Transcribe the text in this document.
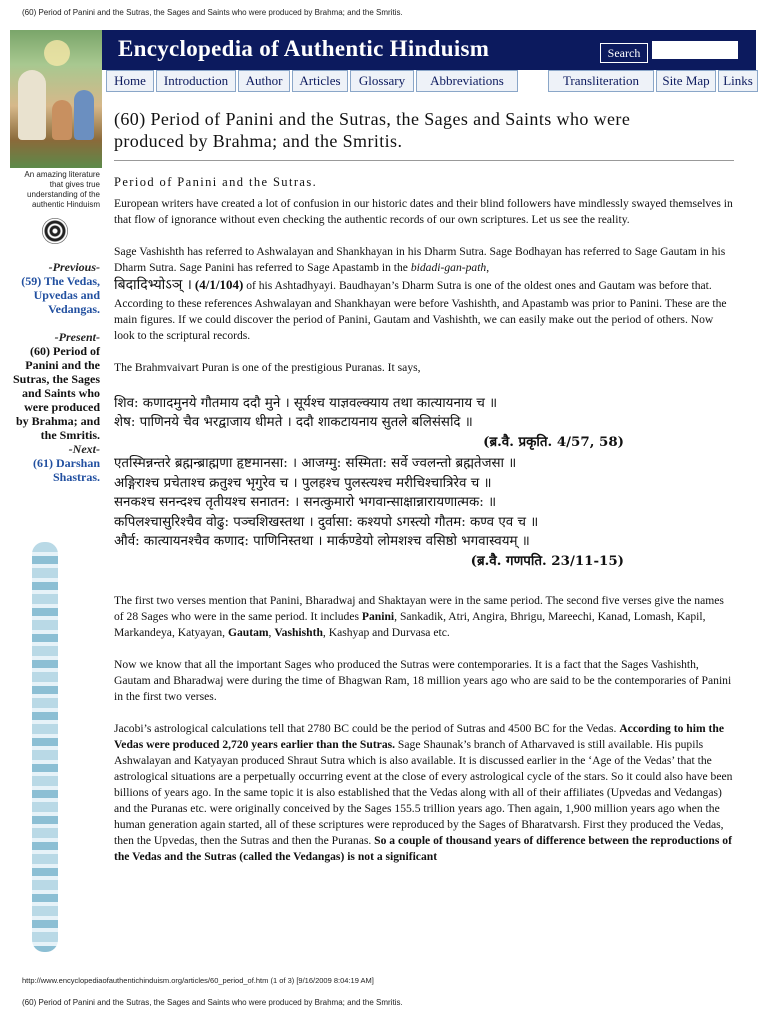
(60) Period of Panini and the Sutras, the Sages and Saints who were produced by Brahma; and the Smritis.
Encyclopedia of Authentic Hinduism	Search
Home	Introduction	Author	Articles	Glossary	Abbreviations	Transliteration	Site Map	Links
An amazing literature
that gives true
understanding of the
authentic Hinduism
-Previous-
(59) The Vedas,
Upvedas and
Vedangas.
-Present-
(60) Period of
Panini and the
Sutras, the Sages
and Saints who
were produced
by Brahma; and
the Smritis.
-Next-
(61) Darshan
Shastras.
(60) Period of Panini and the Sutras, the Sages and Saints who were
produced by Brahma; and the Smritis.
Period of Panini and the Sutras.

European writers have created a lot of confusion in our historic dates and their blind followers have mindlessly swayed themselves in that flow of ignorance without even checking the authentic records of our own scriptures. Let us see the reality.

Sage Vashishth has referred to Ashwalayan and Shankhayan in his Dharm Sutra. Sage Bodhayan has referred to Sage Gautam in his Dharm Sutra. Sage Panini has referred to Sage Apastamb in the bidadi-gan-path,
बिदादिभ्योऽञ् । (4/1/104) of his Ashtadhyayi. Baudhayan’s Dharm Sutra is one of the oldest ones and Gautam was before that. According to these references Ashwalayan and Shankhayan were before Vashishth, and Apastamb was prior to Panini. These are the main figures. If we could discover the period of Panini, Gautam and Vashishth, we can easily make out the period of others. Now look to the scriptural records.

The Brahmvaivart Puran is one of the prestigious Puranas. It says,

शिव: कणादमुनये गौतमाय ददौ मुने । सूर्यश्च याज्ञवल्क्याय तथा कात्यायनाय च ॥
शेष: पाणिनये चैव भरद्वाजाय धीमते । ददौ शाकटायनाय सुतले बलिसंसदि ॥
(ब्र.वै. प्रकृति. 4/57, 58)
एतस्मिन्नन्तरे ब्रह्मन्ब्राह्मणा हृष्टमानसा: । आजग्मु: सस्मिता: सर्वे ज्वलन्तो ब्रह्मतेजसा ॥
अङ्गिराश्च प्रचेताश्च क्रतुश्च भृगुरेव च । पुलहश्च पुलस्त्यश्च मरीचिश्चात्रिरेव च ॥
सनकश्च सनन्दश्च तृतीयश्च सनातन: । सनत्कुमारो भगवान्साक्षान्नारायणात्मक: ॥
कपिलश्चासुरिश्चैव वोढु: पञ्चशिखस्तथा । दुर्वासा: कश्यपो ऽगस्त्यो गौतम: कण्व एव च ॥
और्व: कात्यायनश्चैव कणाद: पाणिनिस्तथा । मार्कण्डेयो लोमशश्च वसिष्ठो भगवास्वयम् ॥
(ब्र.वै. गणपति. 23/11-15)

The first two verses mention that Panini, Bharadwaj and Shaktayan were in the same period. The second five verses give the names of 28 Sages who were in the same period. It includes Panini, Sankadik, Atri, Angira, Bhrigu, Mareechi, Kanad, Lomash, Kapil, Markandeya, Katyayan, Gautam, Vashishth, Kashyap and Durvasa etc.

Now we know that all the important Sages who produced the Sutras were contemporaries. It is a fact that the Sages Vashishth, Gautam and Bharadwaj were during the time of Bhagwan Ram, 18 million years ago who are said to be the contemporaries of Panini in the first two verses.

Jacobi’s astrological calculations tell that 2780 BC could be the period of Sutras and 4500 BC for the Vedas. According to him the Vedas were produced 2,720 years earlier than the Sutras. Sage Shaunak’s branch of Atharvaved is still available. His pupils Ashwalayan and Katyayan produced Shraut Sutra which is also available. It is discussed earlier in the ‘Age of the Vedas’ that the astrological situations are a perpetually occurring event at the close of every astrological cycle of the stars. So it could also have been billions of years ago. In the same topic it is also established that the Vedas along with all of their affiliates (Upvedas and Vedangas) and the Puranas etc. were originally conceived by the Sages 155.5 trillion years ago. Then again, 1,900 million years ago when the human generation again started, all of these scriptures were reproduced by the Sages of Bharatvarsh. First they produced the Vedas, then the Upvedas, then the Sutras and then the Puranas. So a couple of thousand years of difference between the reproductions of the Vedas and the Sutras (called the Vedangas) is not a significant

http://www.encyclopediaofauthentichinduism.org/articles/60_period_of.htm (1 of 3) [9/16/2009 8:04:19 AM]
(60) Period of Panini and the Sutras, the Sages and Saints who were produced by Brahma; and the Smritis.
